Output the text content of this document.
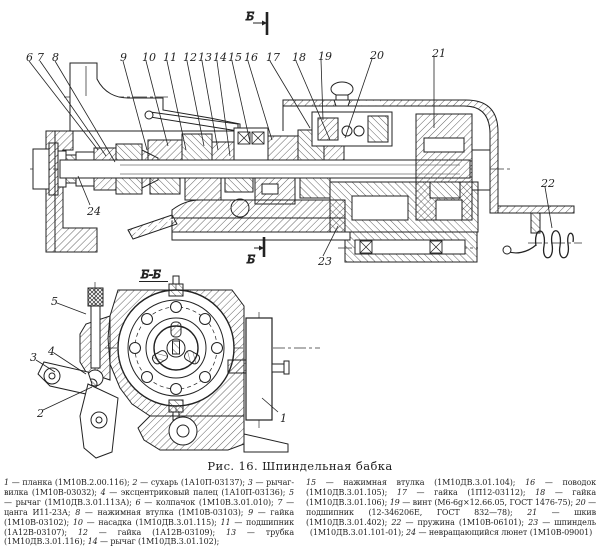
Б
Б
Б-Б
6 7 8	9 10 11 12 13 14 15 16 17 18 19	20	21
22
23
24
5
4
3
2	1
Рис. 16. Шпиндельная бабка
1 — планка (1М10В.2.00.116); 2 — сухарь (1А10П-03137); 3 — рычаг-вилка (1М10В-03032); 4 — эксцентриковый палец (1А10П-03136); 5 — рычаг (1М10ДВ.3.01.113А); 6 — колпачок (1М10В.3.01.010); 7 — цанга И11-23А; 8 — нажимная втулка (1М10В-03103); 9 — гайка (1М10В-03102); 10 — насадка (1М10ДВ.3.01.115); 11 — подшипник (1А12В-03107); 12 — гайка (1А12В-03109); 13 — трубка (1М10ДВ.3.01.116); 14 — рычаг (1М10ДВ.3.01.102);
15 — нажимная втулка (1М10ДВ.3.01.104); 16 — поводок (1М10ДВ.3.01.105); 17 — гайка (1П12-03112); 18 — гайка (1М10ДВ.3.01.106); 19 — винт (М6-6g×12.66.05, ГОСТ 1476-75); 20 — подшипник (12-346206Е, ГОСТ 832—78); 21 — шкив (1М10ДВ.3.01.402); 22 — пружина (1М10В-06101); 23 — шпиндель (1М10ДВ.3.01.101-01); 24 — невращающийся люнет (1М10В-09001)
